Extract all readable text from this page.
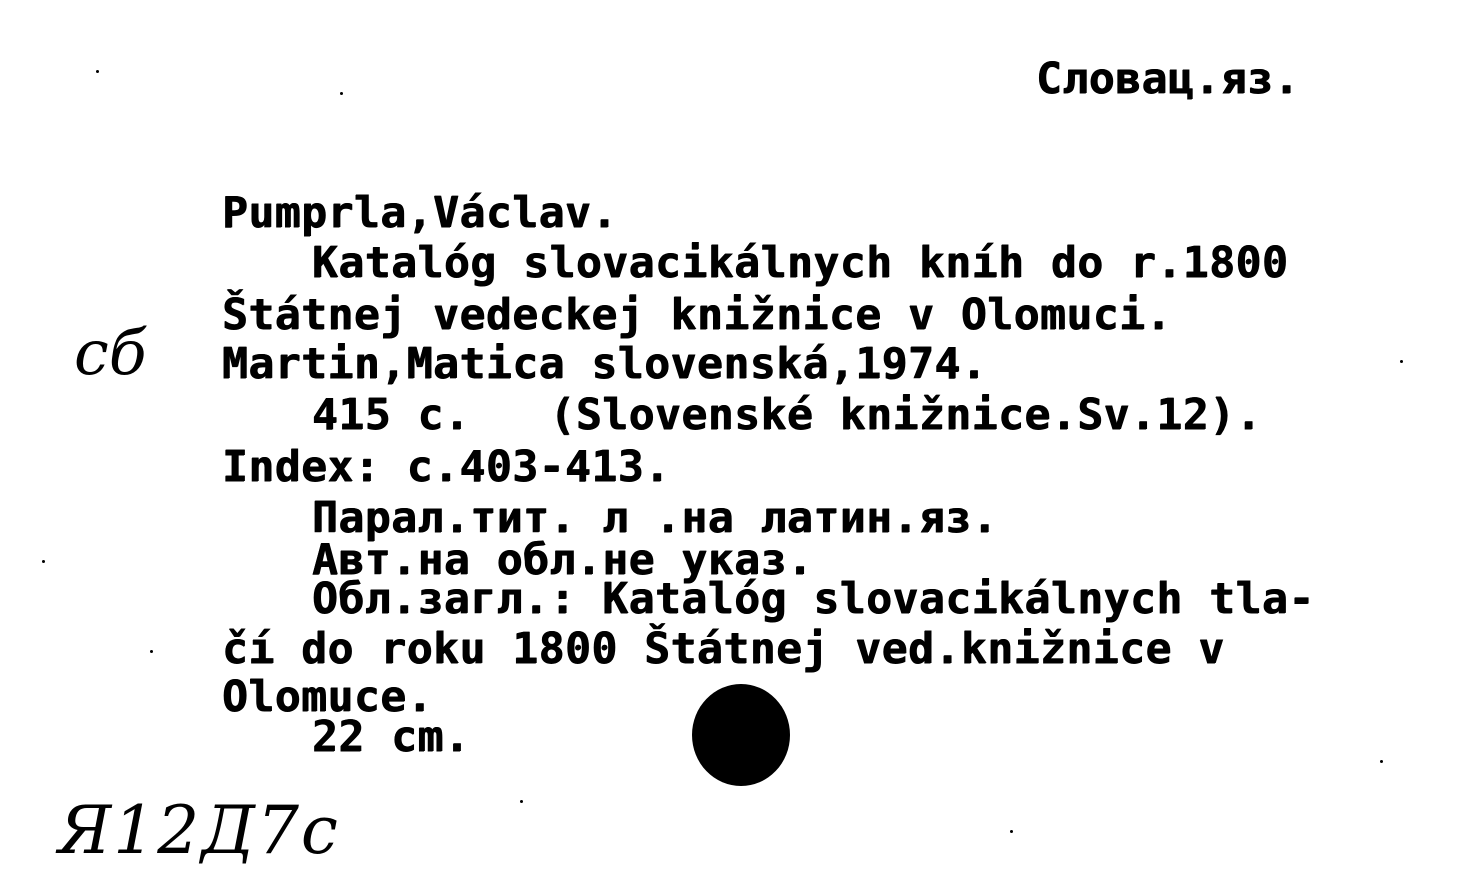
Словац.яз.
Pumprla,Václav.
Katalóg slovacikálnych kníh do r.1800
Štátnej vedeckej knižnice v Olomuci.
Martin,Matica slovenská,1974.
415 с.   (Slovenské knižnice.Sv.12).
Index: с.403-413.
Парал.тит. л .на латин.яз.
Авт.на обл.не указ.
Обл.загл.: Katalóg slovacikálnych tla-
čí do roku 1800 Štátnej ved.knižnice v
Olomuce.
22 cm.
сб
Я12Д7с
